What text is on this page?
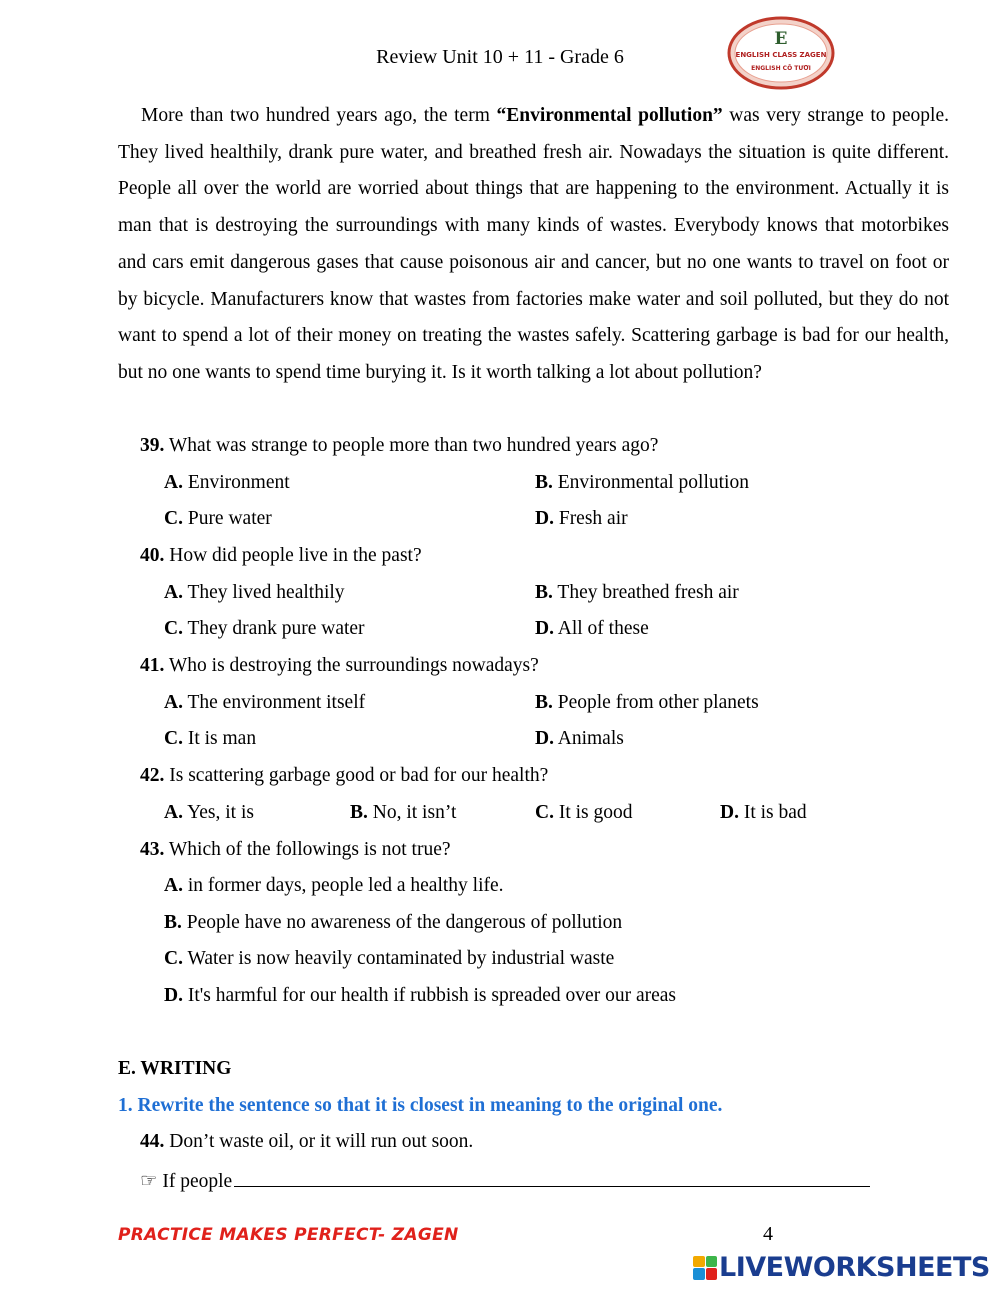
Review Unit 10 + 11 - Grade 6
E
ENGLISH CLASS ZAGEN
ENGLISH CÔ TƯƠI

More than two hundred years ago, the term “Environmental pollution” was very strange to people. They lived healthily, drank pure water, and breathed fresh air. Nowadays the situation is quite different. People all over the world are worried about things that are happening to the environment. Actually it is man that is destroying the surroundings with many kinds of wastes. Everybody knows that motorbikes and cars emit dangerous gases that cause poisonous air and cancer, but no one wants to travel on foot or by bicycle. Manufacturers know that wastes from factories make water and soil polluted, but they do not want to spend a lot of their money on treating the wastes safely. Scattering garbage is bad for our health, but no one wants to spend time burying it. Is it worth talking a lot about pollution?

39. What was strange to people more than two hundred years ago?
A. Environment	B. Environmental pollution
C. Pure water	D. Fresh air
40. How did people live in the past?
A. They lived healthily	B. They breathed fresh air
C. They drank pure water	D. All of these
41. Who is destroying the surroundings nowadays?
A. The environment itself	B. People from other planets
C. It is man	D. Animals
42. Is scattering garbage good or bad for our health?
A. Yes, it is	B. No, it isn’t	C. It is good	D. It is bad
43. Which of the followings is not true?
A. in former days, people led a healthy life.
B. People have no awareness of the dangerous of pollution
C. Water is now heavily contaminated by industrial waste
D. It's harmful for our health if rubbish is spreaded over our areas
E. WRITING
1. Rewrite the sentence so that it is closest in meaning to the original one.
44. Don’t waste oil, or it will run out soon.
☞ If people
PRACTICE MAKES PERFECT- ZAGEN	4
LIVEWORKSHEETS
